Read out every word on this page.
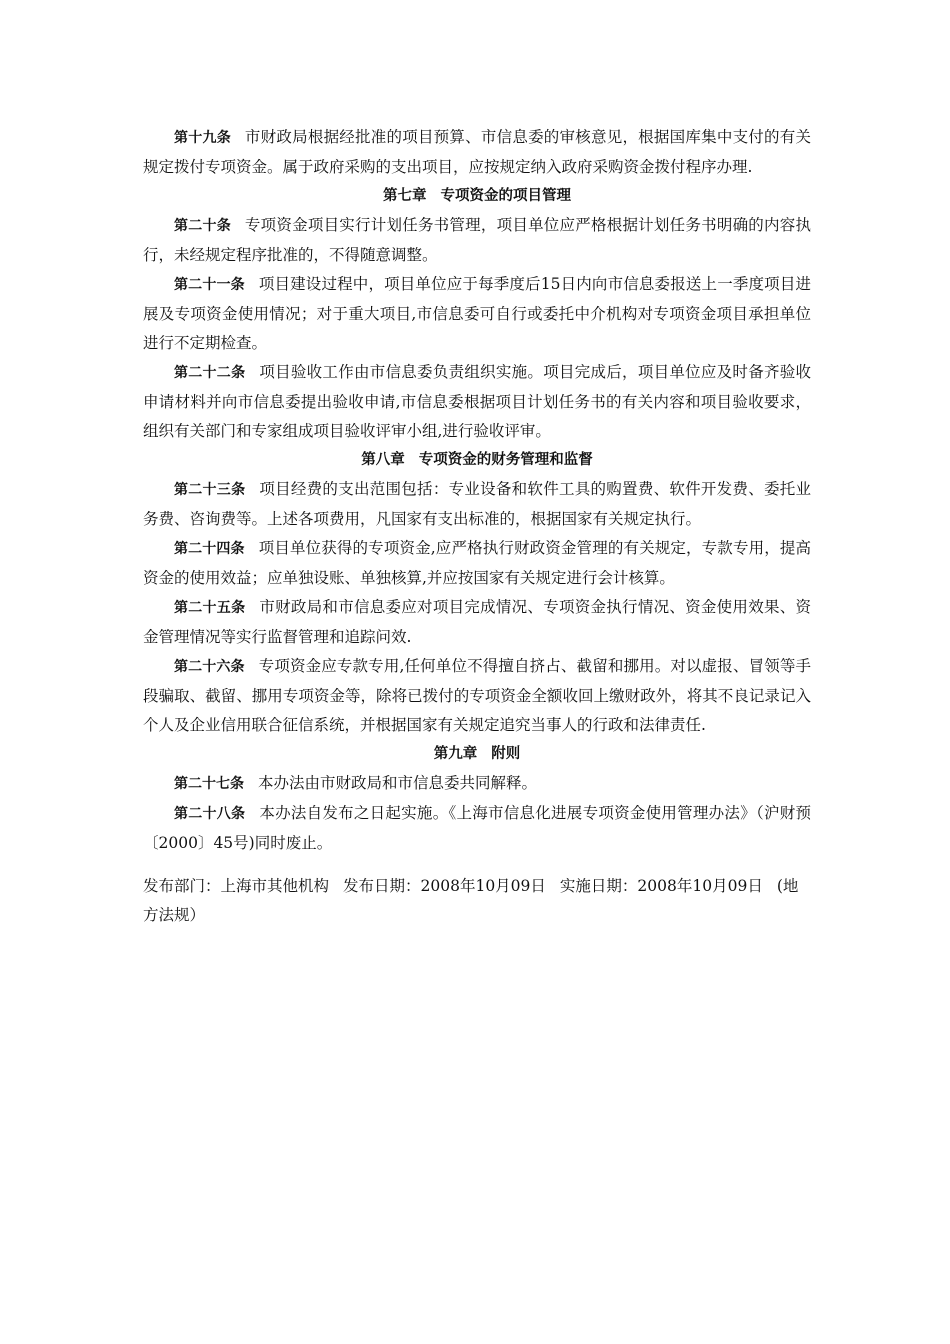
第十九条 市财政局根据经批准的项目预算、市信息委的审核意见，根据国库集中支付的有关规定拨付专项资金。属于政府采购的支出项目，应按规定纳入政府采购资金拨付程序办理.

第七章 专项资金的项目管理

第二十条 专项资金项目实行计划任务书管理，项目单位应严格根据计划任务书明确的内容执行，未经规定程序批准的，不得随意调整。

第二十一条 项目建设过程中，项目单位应于每季度后15日内向市信息委报送上一季度项目进展及专项资金使用情况；对于重大项目,市信息委可自行或委托中介机构对专项资金项目承担单位进行不定期检查。

第二十二条 项目验收工作由市信息委负责组织实施。项目完成后，项目单位应及时备齐验收申请材料并向市信息委提出验收申请,市信息委根据项目计划任务书的有关内容和项目验收要求，组织有关部门和专家组成项目验收评审小组,进行验收评审。

第八章 专项资金的财务管理和监督

第二十三条 项目经费的支出范围包括：专业设备和软件工具的购置费、软件开发费、委托业务费、咨询费等。上述各项费用，凡国家有支出标准的，根据国家有关规定执行。

第二十四条 项目单位获得的专项资金,应严格执行财政资金管理的有关规定，专款专用，提高资金的使用效益；应单独设账、单独核算,并应按国家有关规定进行会计核算。

第二十五条 市财政局和市信息委应对项目完成情况、专项资金执行情况、资金使用效果、资金管理情况等实行监督管理和追踪问效.

第二十六条 专项资金应专款专用,任何单位不得擅自挤占、截留和挪用。对以虚报、冒领等手段骗取、截留、挪用专项资金等，除将已拨付的专项资金全额收回上缴财政外，将其不良记录记入个人及企业信用联合征信系统，并根据国家有关规定追究当事人的行政和法律责任.

第九章 附则

第二十七条 本办法由市财政局和市信息委共同解释。

第二十八条 本办法自发布之日起实施。《上海市信息化进展专项资金使用管理办法》（沪财预〔2000〕45号)同时废止。

发布部门：上海市其他机构 发布日期：2008年10月09日 实施日期：2008年10月09日 (地方法规）
